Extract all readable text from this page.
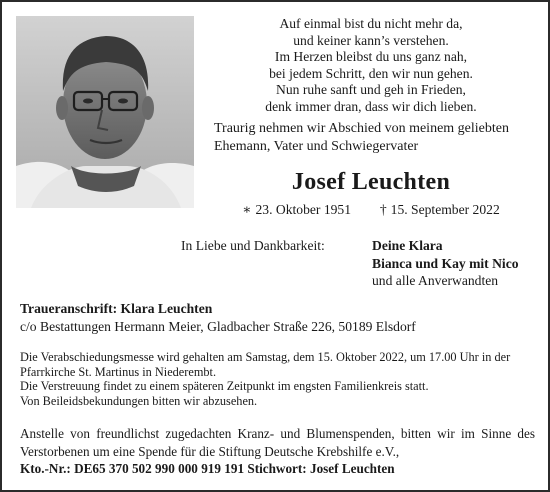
Auf einmal bist du nicht mehr da,
und keiner kann’s verstehen.
Im Herzen bleibst du uns ganz nah,
bei jedem Schritt, den wir nun gehen.
Nun ruhe sanft und geh in Frieden,
denk immer dran, dass wir dich lieben.
Traurig nehmen wir Abschied von meinem geliebten
Ehemann, Vater und Schwiegervater
Josef Leuchten
∗ 23. Oktober 1951 † 15. September 2022
In Liebe und Dankbarkeit:	Deine Klara
Bianca und Kay mit Nico
und alle Anverwandten
Traueranschrift: Klara Leuchten
c/o Bestattungen Hermann Meier, Gladbacher Straße 226, 50189 Elsdorf

Die Verabschiedungsmesse wird gehalten am Samstag, dem 15. Oktober 2022, um 17.00 Uhr in der Pfarrkirche St. Martinus in Niederembt.

Die Verstreuung findet zu einem späteren Zeitpunkt im engsten Familienkreis statt.

Von Beileidsbekundungen bitten wir abzusehen.

Anstelle von freundlichst zugedachten Kranz- und Blumenspenden, bitten wir im Sinne des Verstorbenen um eine Spende für die Stiftung Deutsche Krebshilfe e.V.,
Kto.-Nr.: DE65 370 502 990 000 919 191 Stichwort: Josef Leuchten
